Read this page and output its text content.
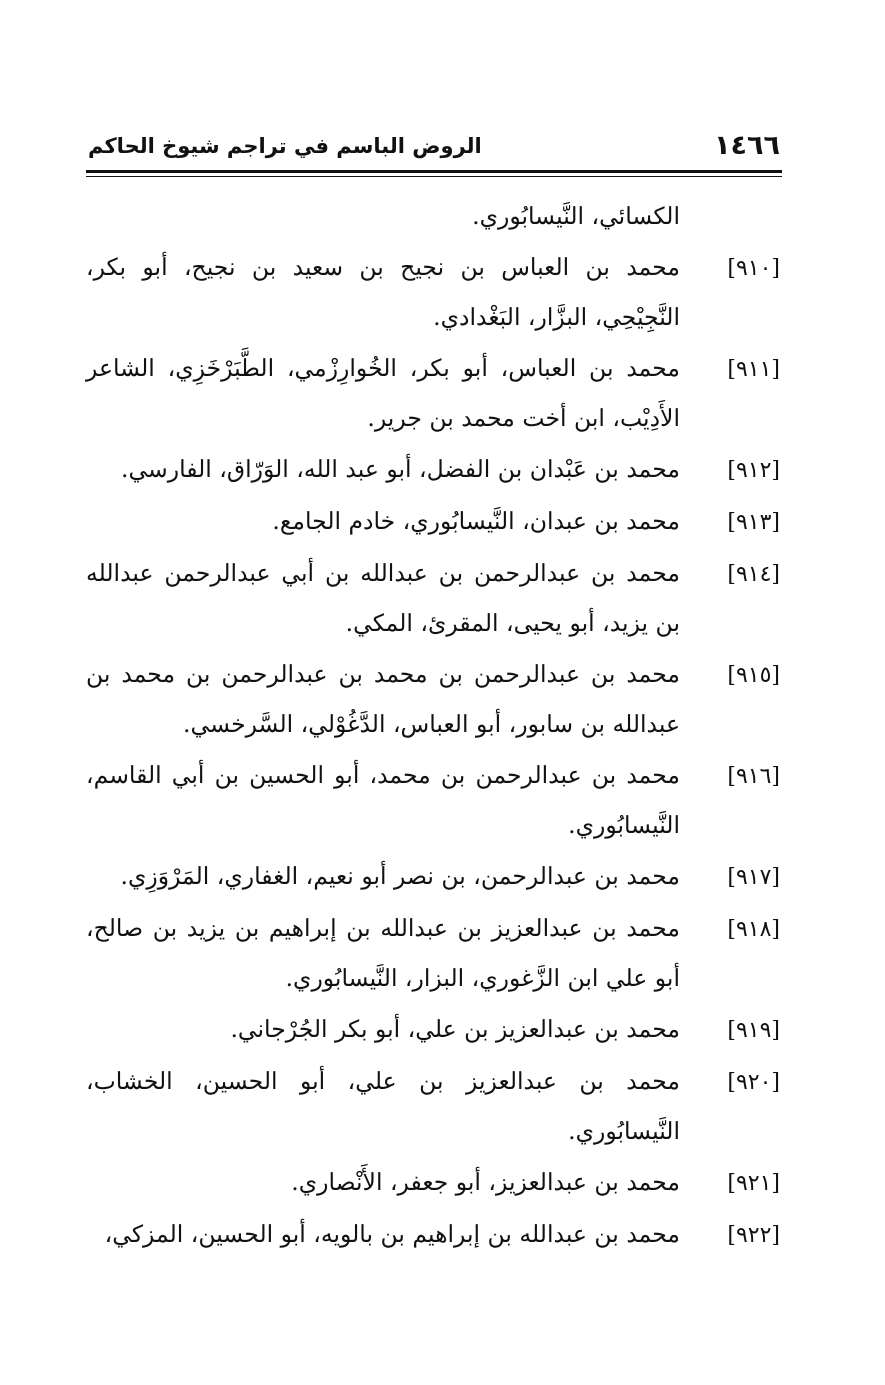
١٤٦٦
الروض الباسم في تراجم شيوخ الحاكم

الكسائي، النَّيسابُوري.

[٩١٠]محمد بن العباس بن نجيح بن سعيد بن نجيح، أبو بكر، النَّجِيْحِي، البزَّار، البَغْدادي.

[٩١١]محمد بن العباس، أبو بكر، الخُوارِزْمي، الطَّبَرْخَزِي، الشاعر الأَدِيْب، ابن أخت محمد بن جرير.

[٩١٢]محمد بن عَبْدان بن الفضل، أبو عبد الله، الوَرّاق، الفارسي.

[٩١٣]محمد بن عبدان، النَّيسابُوري، خادم الجامع.

[٩١٤]محمد بن عبدالرحمن بن عبدالله بن أبي عبدالرحمن عبدالله بن يزيد، أبو يحيى، المقرئ، المكي.

[٩١٥]محمد بن عبدالرحمن بن محمد بن عبدالرحمن بن محمد بن عبدالله بن سابور، أبو العباس، الدَّغُوْلي، السَّرخسي.

[٩١٦]محمد بن عبدالرحمن بن محمد، أبو الحسين بن أبي القاسم، النَّيسابُوري.

[٩١٧]محمد بن عبدالرحمن، بن نصر أبو نعيم، الغفاري، المَرْوَزِي.

[٩١٨]محمد بن عبدالعزيز بن عبدالله بن إبراهيم بن يزيد بن صالح، أبو علي ابن الزَّغوري، البزار، النَّيسابُوري.

[٩١٩]محمد بن عبدالعزيز بن علي، أبو بكر الجُرْجاني.

[٩٢٠]محمد بن عبدالعزيز بن علي، أبو الحسين، الخشاب، النَّيسابُوري.

[٩٢١]محمد بن عبدالعزيز، أبو جعفر، الأَنْصاري.

[٩٢٢]محمد بن عبدالله بن إبراهيم بن بالويه، أبو الحسين، المزكي،
